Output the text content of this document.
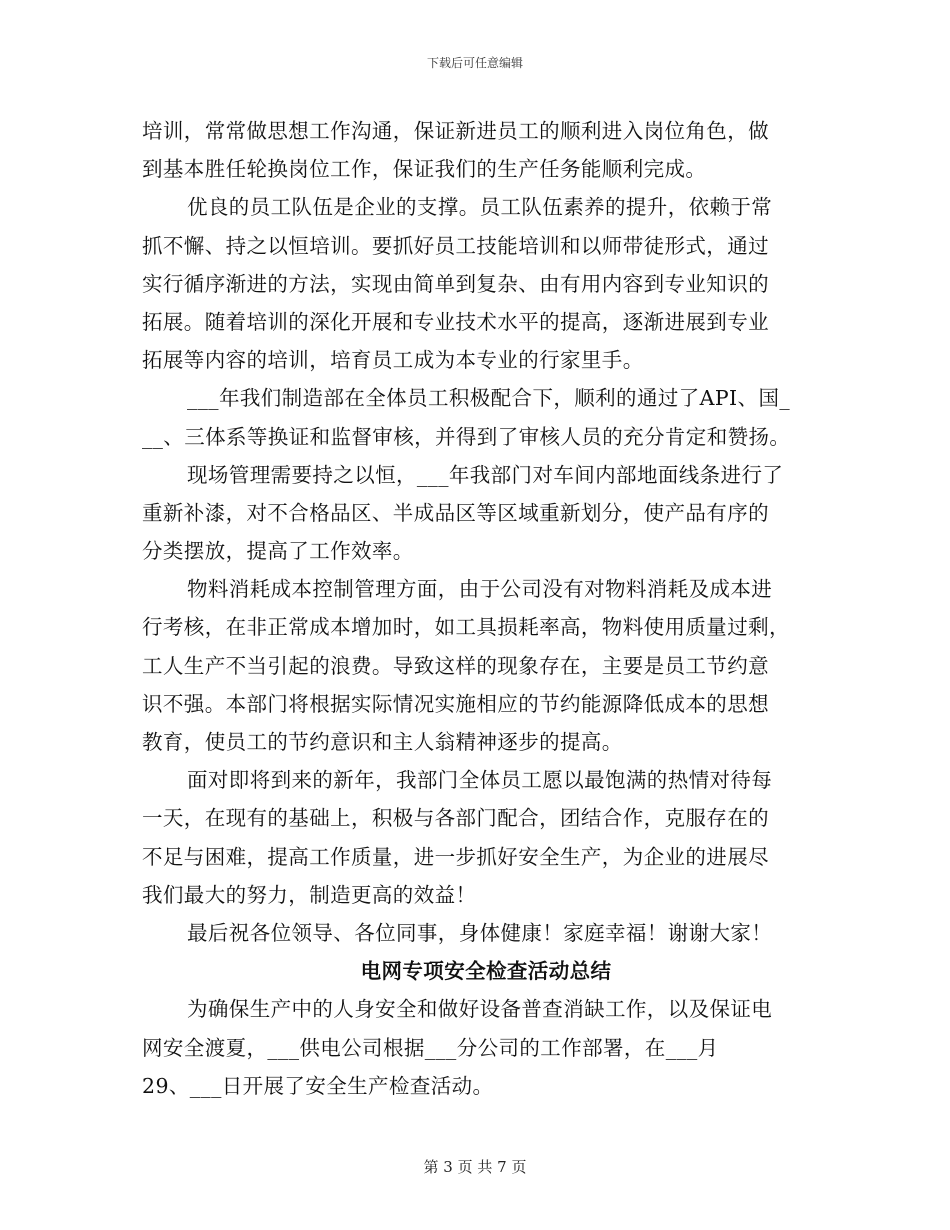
下载后可任意编辑
培训，常常做思想工作沟通，保证新进员工的顺利进入岗位角色，做
到基本胜任轮换岗位工作，保证我们的生产任务能顺利完成。
优良的员工队伍是企业的支撑。员工队伍素养的提升，依赖于常
抓不懈、持之以恒培训。要抓好员工技能培训和以师带徒形式，通过
实行循序渐进的方法，实现由简单到复杂、由有用内容到专业知识的
拓展。随着培训的深化开展和专业技术水平的提高，逐渐进展到专业
拓展等内容的培训，培育员工成为本专业的行家里手。
___年我们制造部在全体员工积极配合下，顺利的通过了API、国_
__、三体系等换证和监督审核，并得到了审核人员的充分肯定和赞扬。
现场管理需要持之以恒，___年我部门对车间内部地面线条进行了
重新补漆，对不合格品区、半成品区等区域重新划分，使产品有序的
分类摆放，提高了工作效率。
物料消耗成本控制管理方面，由于公司没有对物料消耗及成本进
行考核，在非正常成本增加时，如工具损耗率高，物料使用质量过剩，
工人生产不当引起的浪费。导致这样的现象存在，主要是员工节约意
识不强。本部门将根据实际情况实施相应的节约能源降低成本的思想
教育，使员工的节约意识和主人翁精神逐步的提高。
面对即将到来的新年，我部门全体员工愿以最饱满的热情对待每
一天，在现有的基础上，积极与各部门配合，团结合作，克服存在的
不足与困难，提高工作质量，进一步抓好安全生产，为企业的进展尽
我们最大的努力，制造更高的效益！
最后祝各位领导、各位同事，身体健康！家庭幸福！谢谢大家！
电网专项安全检查活动总结
为确保生产中的人身安全和做好设备普查消缺工作，以及保证电
网安全渡夏，___供电公司根据___分公司的工作部署，在___月
29、___日开展了安全生产检查活动。
第 3 页 共 7 页
